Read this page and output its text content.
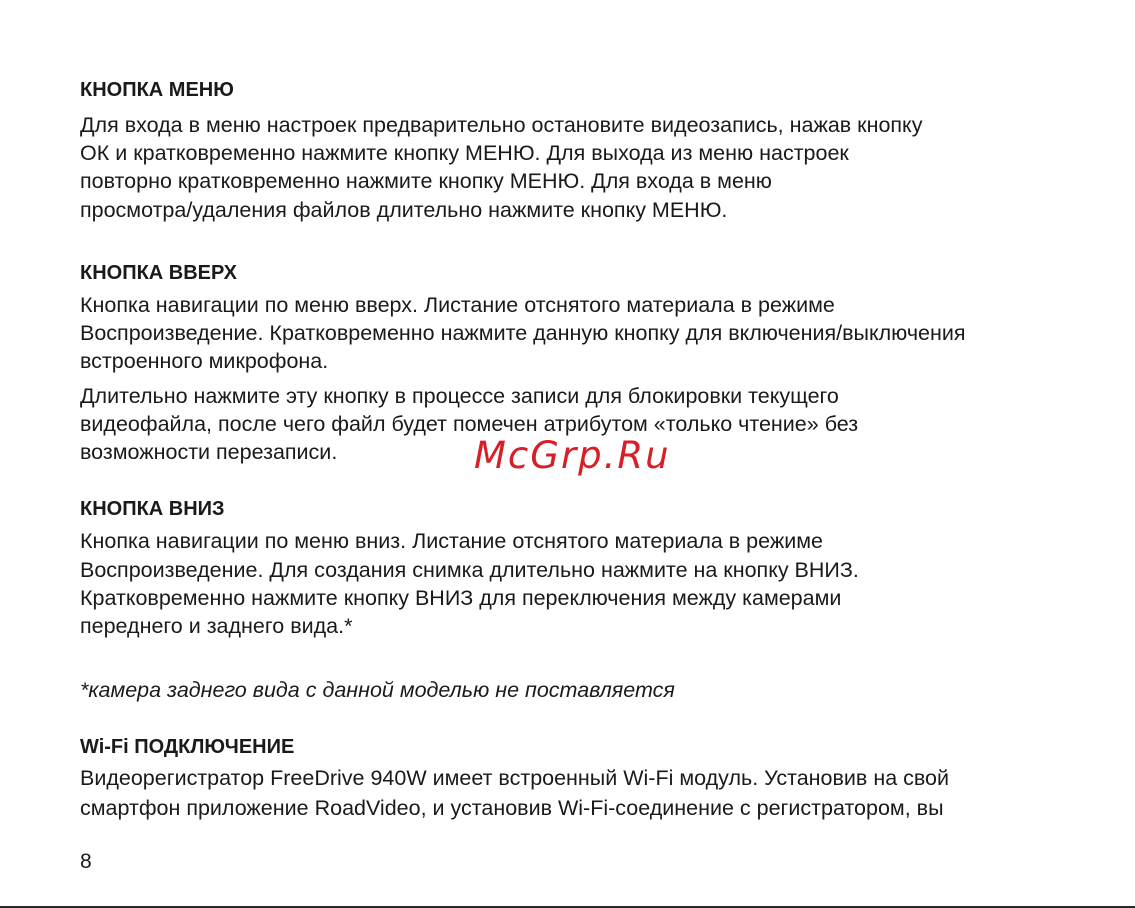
КНОПКА МЕНЮ
Для входа в меню настроек предварительно остановите видеозапись, нажав кнопку
ОК и кратковременно нажмите кнопку МЕНЮ. Для выхода из меню настроек
повторно кратковременно нажмите кнопку МЕНЮ. Для входа в меню
просмотра/удаления файлов длительно нажмите кнопку МЕНЮ.
КНОПКА ВВЕРХ
Кнопка навигации по меню вверх. Листание отснятого материала в режиме
Воспроизведение. Кратковременно нажмите данную кнопку для включения/выключения
встроенного микрофона.
Длительно нажмите эту кнопку в процессе записи для блокировки текущего
видеофайла, после чего файл будет помечен атрибутом «только чтение» без
возможности перезаписи.	McGrp.Ru
КНОПКА ВНИЗ
Кнопка навигации по меню вниз. Листание отснятого материала в режиме
Воспроизведение. Для создания снимка длительно нажмите на кнопку ВНИЗ.
Кратковременно нажмите кнопку ВНИЗ для переключения между камерами
переднего и заднего вида.*
*камера заднего вида с данной моделью не поставляется
Wi-Fi ПОДКЛЮЧЕНИЕ
Видеорегистратор FreeDrive 940W имеет встроенный Wi-Fi модуль. Установив на свой
смартфон приложение RoadVideo, и установив Wi-Fi-соединение с регистратором, вы
8
